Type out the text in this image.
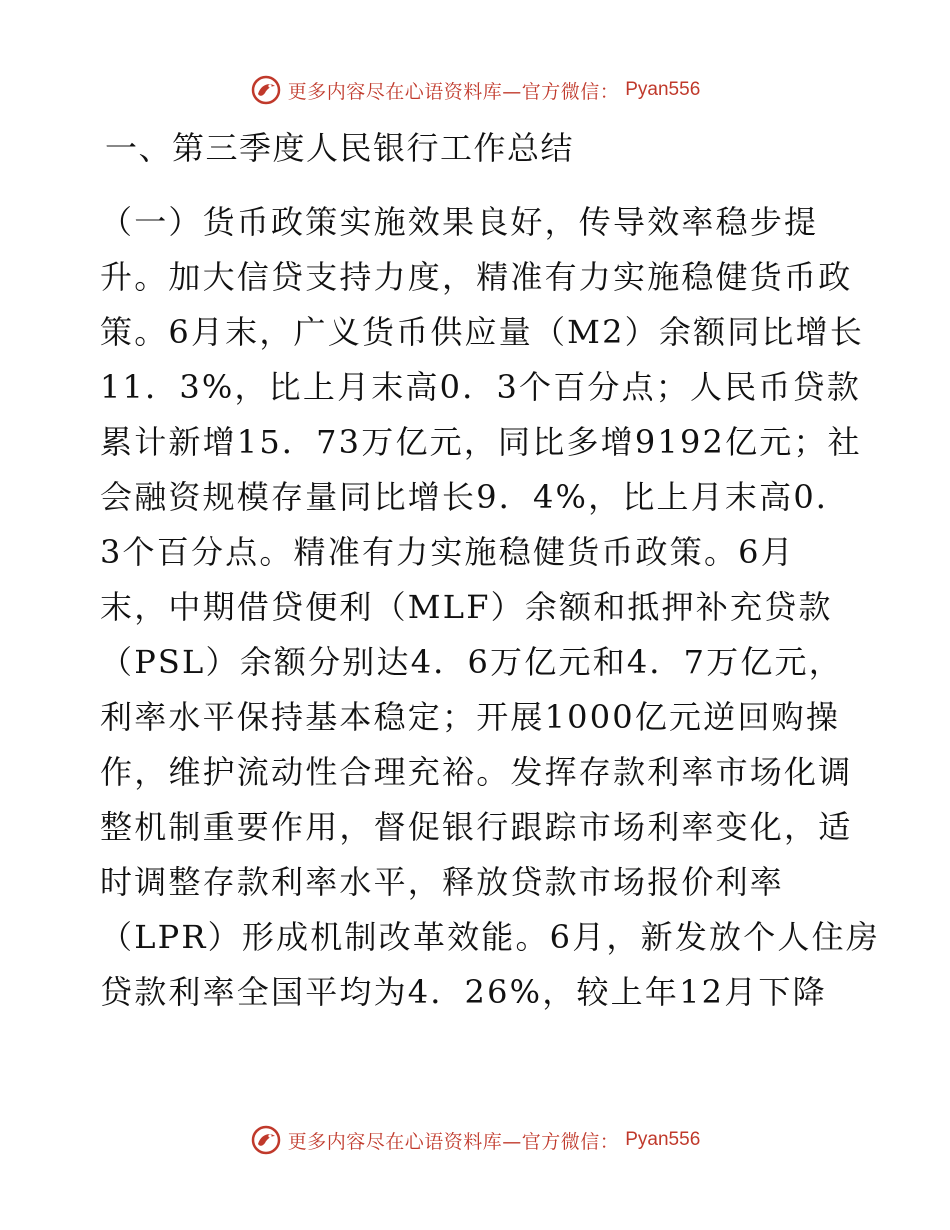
更多内容尽在心语资料库—官方微信： Pyan556
一、第三季度人民银行工作总结
（一）货币政策实施效果良好，传导效率稳步提
升。加大信贷支持力度，精准有力实施稳健货币政
策。6月末，广义货币供应量（M2）余额同比增长
11．3%，比上月末高0．3个百分点；人民币贷款
累计新增15．73万亿元，同比多增9192亿元；社
会融资规模存量同比增长9．4%，比上月末高0．
3个百分点。精准有力实施稳健货币政策。6月
末，中期借贷便利（MLF）余额和抵押补充贷款
（PSL）余额分别达4．6万亿元和4．7万亿元，
利率水平保持基本稳定；开展1000亿元逆回购操
作，维护流动性合理充裕。发挥存款利率市场化调
整机制重要作用，督促银行跟踪市场利率变化，适
时调整存款利率水平，释放贷款市场报价利率
（LPR）形成机制改革效能。6月，新发放个人住房
贷款利率全国平均为4．26%，较上年12月下降
更多内容尽在心语资料库—官方微信： Pyan556
